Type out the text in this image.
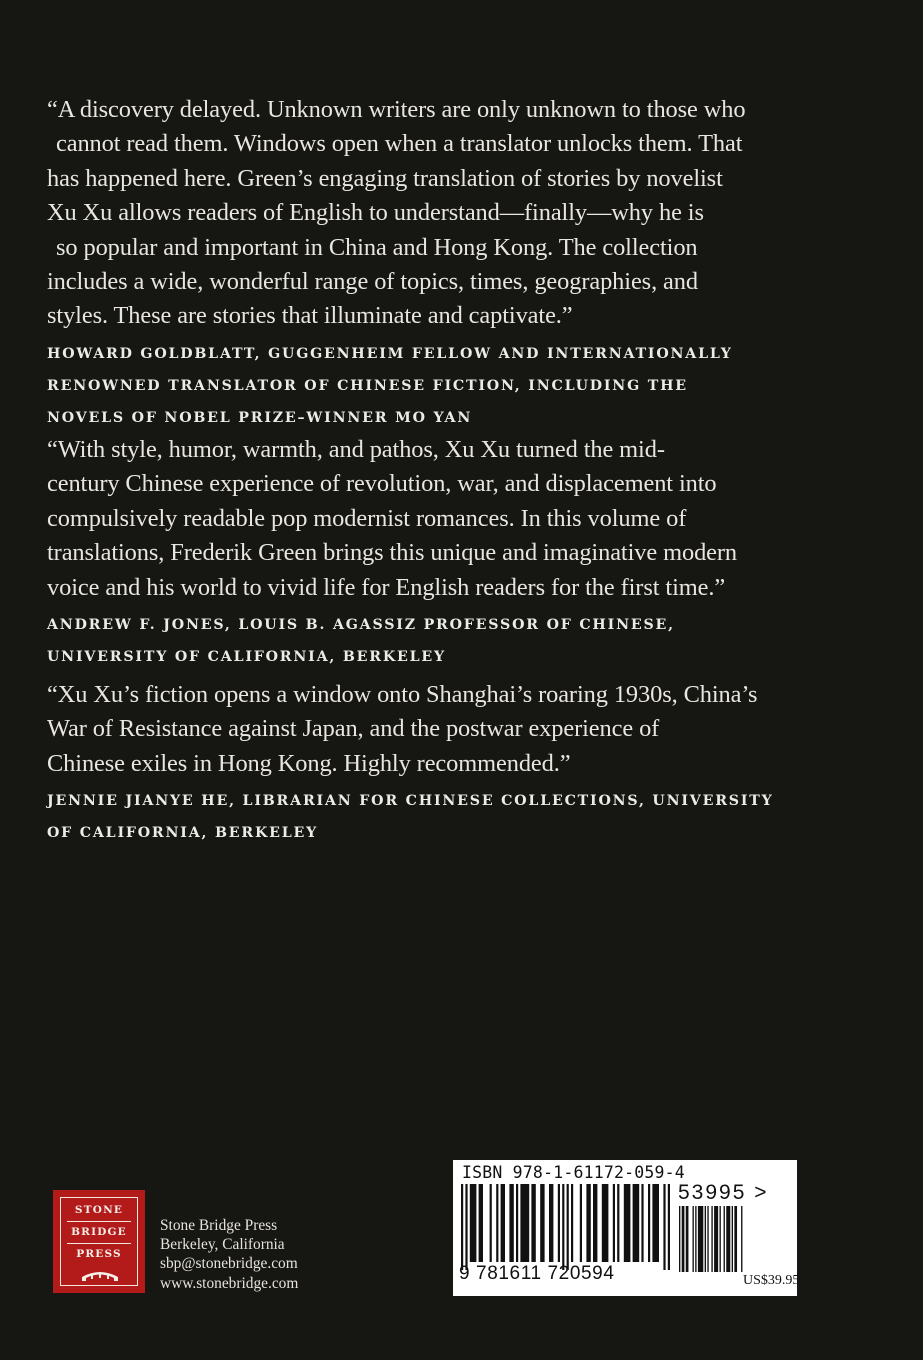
“A discovery delayed. Unknown writers are only unknown to those who
cannot read them. Windows open when a translator unlocks them. That
has happened here. Green’s engaging translation of stories by novelist
Xu Xu allows readers of English to understand—finally—why he is
so popular and important in China and Hong Kong. The collection
includes a wide, wonderful range of topics, times, geographies, and
styles. These are stories that illuminate and captivate.”

HOWARD GOLDBLATT, GUGGENHEIM FELLOW AND INTERNATIONALLY
RENOWNED TRANSLATOR OF CHINESE FICTION, INCLUDING THE
NOVELS OF NOBEL PRIZE–WINNER MO YAN

“With style, humor, warmth, and pathos, Xu Xu turned the mid-
century Chinese experience of revolution, war, and displacement into
compulsively readable pop modernist romances. In this volume of
translations, Frederik Green brings this unique and imaginative modern
voice and his world to vivid life for English readers for the first time.”

ANDREW F. JONES, LOUIS B. AGASSIZ PROFESSOR OF CHINESE,
UNIVERSITY OF CALIFORNIA, BERKELEY

“Xu Xu’s fiction opens a window onto Shanghai’s roaring 1930s, China’s
War of Resistance against Japan, and the postwar experience of
Chinese exiles in Hong Kong. Highly recommended.”

JENNIE JIANYE HE, LIBRARIAN FOR CHINESE COLLECTIONS, UNIVERSITY
OF CALIFORNIA, BERKELEY
STONE
BRIDGE
PRESS
Stone Bridge Press
Berkeley, California
sbp@stonebridge.com
www.stonebridge.com
ISBN 978-1-61172-059-4
9 781611 720594
53995 >
US$39.95
